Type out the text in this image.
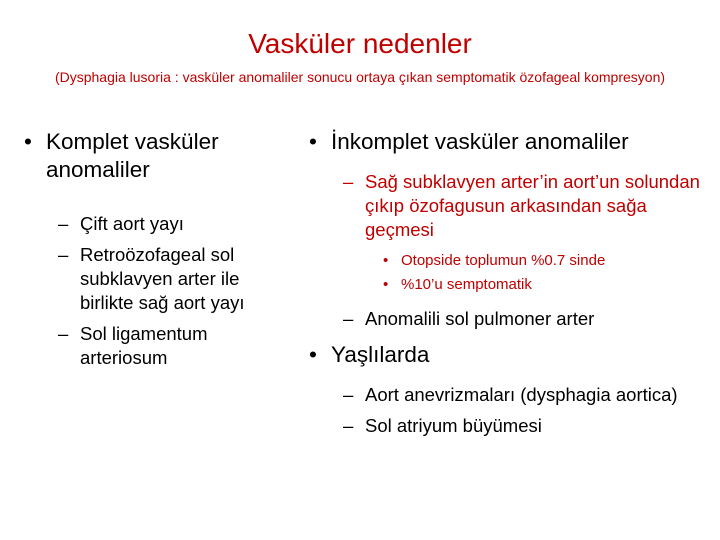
Vasküler nedenler
(Dysphagia lusoria : vasküler anomaliler sonucu ortaya çıkan semptomatik özofageal kompresyon)
• Komplet vasküler anomaliler
– Çift aort yayı
– Retroözofageal sol subklavyen arter ile birlikte sağ aort yayı
– Sol ligamentum arteriosum
• İnkomplet vasküler anomaliler
– Sağ subklavyen arter’in aort’un solundan çıkıp özofagusun arkasından sağa geçmesi
• Otopside toplumun %0.7 sinde
• %10’u semptomatik
– Anomalili sol pulmoner arter
• Yaşlılarda
– Aort anevrizmaları (dysphagia aortica)
– Sol atriyum büyümesi
